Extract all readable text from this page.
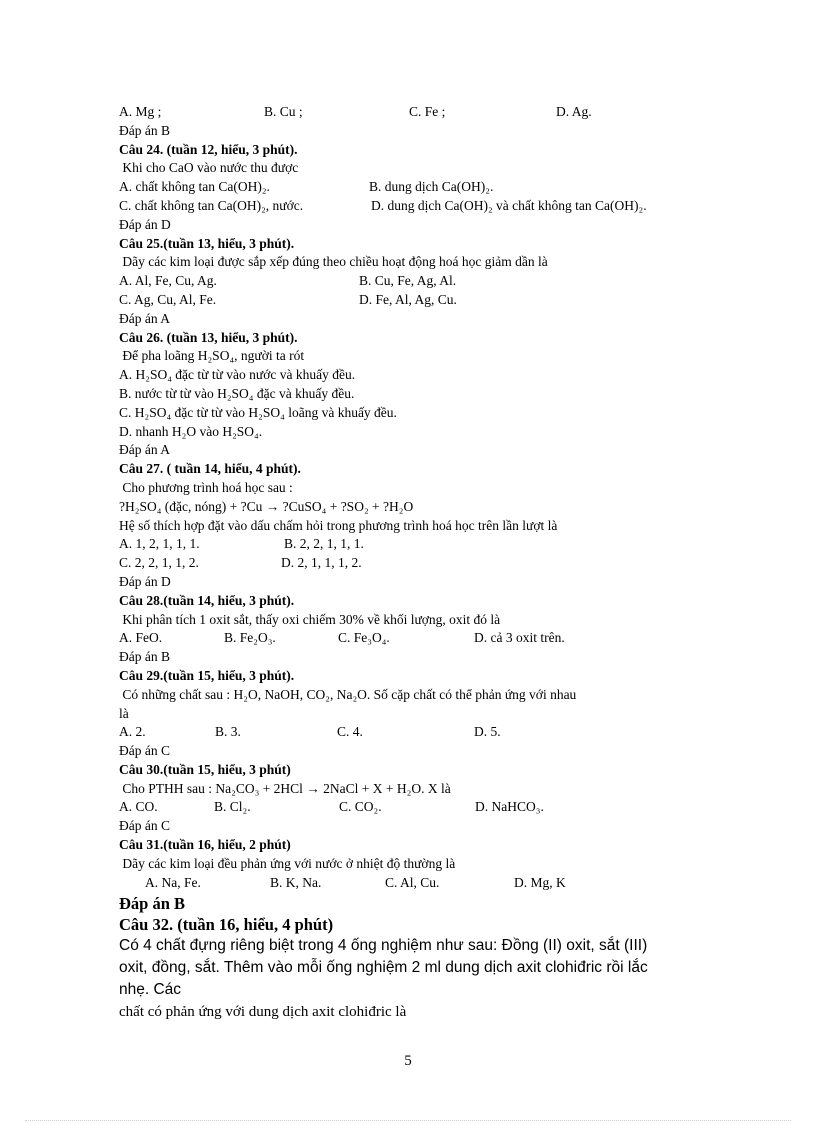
A. Mg ;	B. Cu ;	C. Fe ;	D. Ag.
Đáp án B
Câu 24. (tuần 12, hiểu, 3 phút).
Khi cho CaO vào nước thu được
A. chất không tan Ca(OH)₂.	B. dung dịch Ca(OH)₂.
C. chất không tan Ca(OH)₂, nước.	D. dung dịch Ca(OH)₂ và chất không tan Ca(OH)₂.
Đáp án D
Câu 25.(tuần 13, hiểu, 3 phút).
Dãy các kim loại được sắp xếp đúng theo chiều hoạt động hoá học giảm dần là
A. Al, Fe, Cu, Ag.	B. Cu, Fe, Ag, Al.
C. Ag, Cu, Al, Fe.	D. Fe, Al, Ag, Cu.
Đáp án A
Câu 26. (tuần 13, hiểu, 3 phút).
Để pha loãng H₂SO₄, người ta rót
A. H₂SO₄ đặc từ từ vào nước và khuấy đều.
B. nước từ từ vào H₂SO₄ đặc và khuấy đều.
C. H₂SO₄ đặc từ từ vào H₂SO₄ loãng và khuấy đều.
D. nhanh H₂O vào H₂SO₄.
Đáp án A
Câu 27. ( tuần 14, hiểu, 4 phút).
Cho phương trình hoá học sau :
?H₂SO₄ (đặc, nóng) + ?Cu → ?CuSO₄ + ?SO₂ + ?H₂O
Hệ số thích hợp đặt vào dấu chấm hỏi trong phương trình hoá học trên lần lượt là
A. 1, 2, 1, 1, 1.	B. 2, 2, 1, 1, 1.
C. 2, 2, 1, 1, 2.	D. 2, 1, 1, 1, 2.
Đáp án D
Câu 28.(tuần 14, hiểu, 3 phút).
Khi phân tích 1 oxit sắt, thấy oxi chiếm 30% về khối lượng, oxit đó là
A. FeO.	B. Fe₂O₃.	C. Fe₃O₄.	D. cả 3 oxit trên.
Đáp án B
Câu 29.(tuần 15, hiểu, 3 phút).
Có những chất sau : H₂O, NaOH, CO₂, Na₂O. Số cặp chất có thể phản ứng với nhau
là
A. 2.	B. 3.	C. 4.	D. 5.
Đáp án C
Câu 30.(tuần 15, hiểu, 3 phút)
Cho PTHH sau : Na₂CO₃ + 2HCl → 2NaCl + X + H₂O. X là
A. CO.	B. Cl₂.	C. CO₂.	D. NaHCO₃.
Đáp án C
Câu 31.(tuần 16, hiểu, 2 phút)
Dãy các kim loại đều phản ứng với nước ở nhiệt độ thường là
A. Na, Fe.	B. K, Na.	C. Al, Cu.	D. Mg, K
Đáp án B
Câu 32. (tuần 16, hiểu, 4 phút)
Có 4 chất đựng riêng biệt trong 4 ống nghiệm như sau: Đồng (II) oxit, sắt (III) oxit, đồng, sắt. Thêm vào mỗi ống nghiệm 2 ml dung dịch axit clohiđric rồi lắc nhẹ. Các
chất có phản ứng với dung dịch axit clohiđric là
5
